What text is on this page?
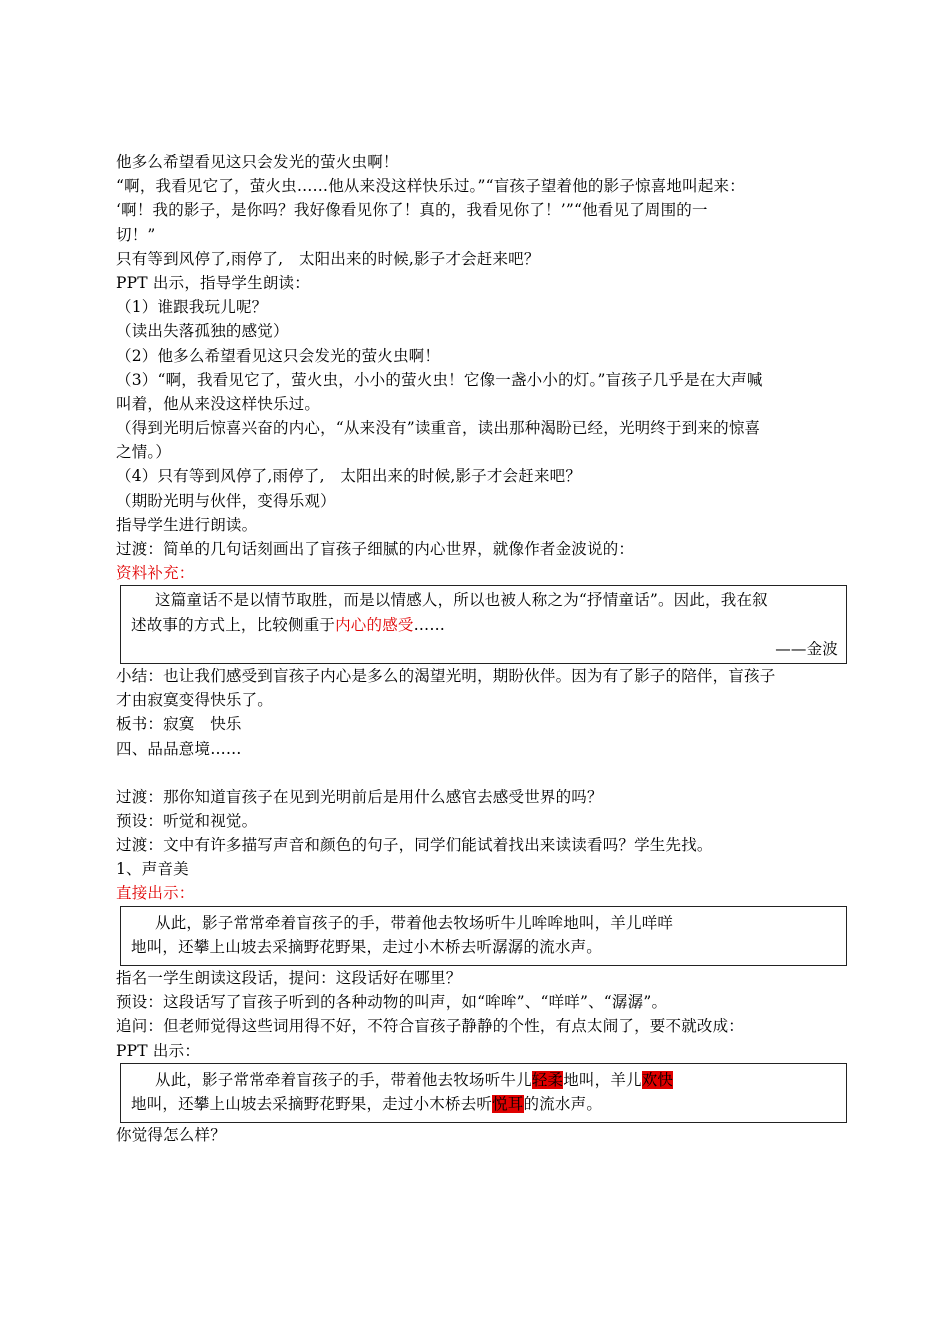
他多么希望看见这只会发光的萤火虫啊！
“啊，我看见它了，萤火虫……他从来没这样快乐过。”“盲孩子望着他的影子惊喜地叫起来：
‘啊！我的影子，是你吗？我好像看见你了！真的，我看见你了！’”“他看见了周围的一
切！”
只有等到风停了,雨停了,　太阳出来的时候,影子才会赶来吧？
PPT 出示，指导学生朗读：
（1）谁跟我玩儿呢？
（读出失落孤独的感觉）
（2）他多么希望看见这只会发光的萤火虫啊！
（3）“啊，我看见它了，萤火虫，小小的萤火虫！它像一盏小小的灯。”盲孩子几乎是在大声喊
叫着，他从来没这样快乐过。
（得到光明后惊喜兴奋的内心，“从来没有”读重音，读出那种渴盼已经，光明终于到来的惊喜
之情。）
（4）只有等到风停了,雨停了,　太阳出来的时候,影子才会赶来吧？
（期盼光明与伙伴，变得乐观）
指导学生进行朗读。
过渡：简单的几句话刻画出了盲孩子细腻的内心世界，就像作者金波说的：
资料补充：
这篇童话不是以情节取胜，而是以情感人，所以也被人称之为“抒情童话”。因此，我在叙
述故事的方式上，比较侧重于内心的感受……
——金波
小结：也让我们感受到盲孩子内心是多么的渴望光明，期盼伙伴。因为有了影子的陪伴，盲孩子
才由寂寞变得快乐了。
板书：寂寞　快乐
四、品品意境……
过渡：那你知道盲孩子在见到光明前后是用什么感官去感受世界的吗？
预设：听觉和视觉。
过渡：文中有许多描写声音和颜色的句子，同学们能试着找出来读读看吗？学生先找。
1、声音美
直接出示：
从此，影子常常牵着盲孩子的手，带着他去牧场听牛儿哞哞地叫，羊儿咩咩
地叫，还攀上山坡去采摘野花野果，走过小木桥去听潺潺的流水声。
指名一学生朗读这段话，提问：这段话好在哪里？
预设：这段话写了盲孩子听到的各种动物的叫声，如“哞哞”、“咩咩”、“潺潺”。
追问：但老师觉得这些词用得不好，不符合盲孩子静静的个性，有点太闹了，要不就改成：
PPT 出示：
从此，影子常常牵着盲孩子的手，带着他去牧场听牛儿轻柔地叫，羊儿欢快
地叫，还攀上山坡去采摘野花野果，走过小木桥去听悦耳的流水声。
你觉得怎么样？
